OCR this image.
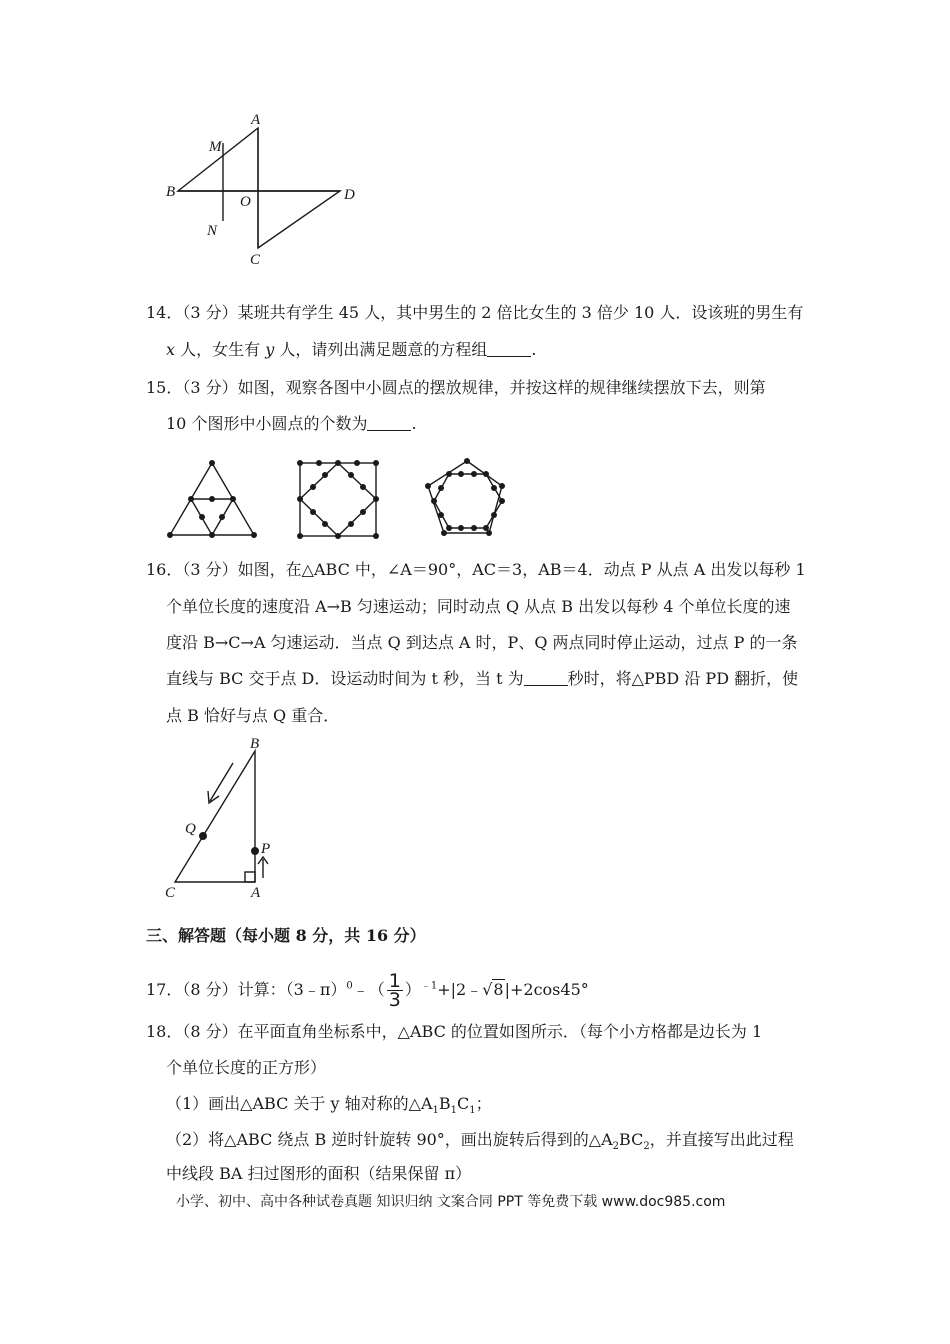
A
M
B
O	D
N
C
14．（3 分）某班共有学生 45 人，其中男生的 2 倍比女生的 3 倍少 10 人．设该班的男生有
x 人，女生有 y 人，请列出满足题意的方程组	.
15．（3 分）如图，观察各图中小圆点的摆放规律，并按这样的规律继续摆放下去，则第
10 个图形中小圆点的个数为	.
16．（3 分）如图，在△ABC 中，∠A＝90°，AC＝3，AB＝4．动点 P 从点 A 出发以每秒 1
个单位长度的速度沿 A→B 匀速运动；同时动点 Q 从点 B 出发以每秒 4 个单位长度的速
度沿 B→C→A 匀速运动．当点 Q 到达点 A 时，P、Q 两点同时停止运动，过点 P 的一条
直线与 BC 交于点 D．设运动时间为 t 秒，当 t 为	秒时，将△PBD 沿 PD 翻折，使
点 B 恰好与点 Q 重合．
B
Q
P
C	A
三、解答题（每小题 8 分，共 16 分）
17．（8 分）计算：（3﹣π）$^0$﹣（ $\frac{1}{3}$ ）$^{﹣1}$+|2﹣√8|+2cos45°
18．（8 分）在平面直角坐标系中，△ABC 的位置如图所示．（每个小方格都是边长为 1
个单位长度的正方形）
（1）画出△ABC 关于 y 轴对称的$\triangle A_1B_1C_1$；
（2）将△ABC 绕点 B 逆时针旋转 90°，画出旋转后得到的$\triangle A_2BC_2$，并直接写出此过程
中线段 BA 扫过图形的面积（结果保留 π）
小学、初中、高中各种试卷真题 知识归纳 文案合同 PPT 等免费下载 www.doc985.com
